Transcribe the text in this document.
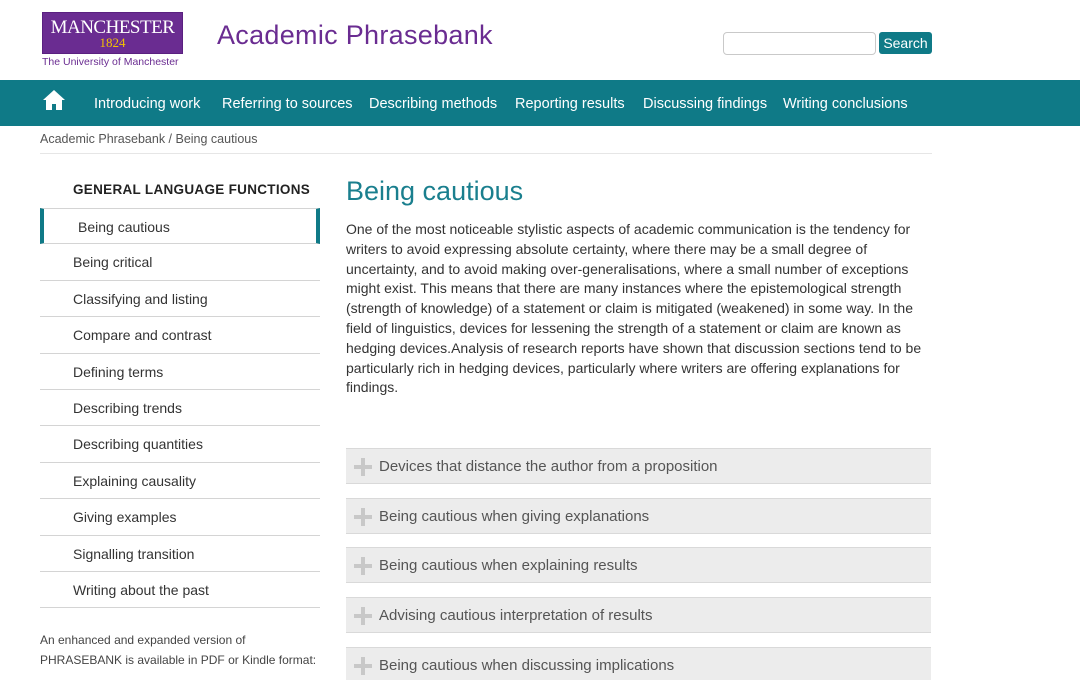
MANCHESTER
1824
The University of Manchester
Academic Phrasebank	Search
Introducing work Referring to sources Describing methods Reporting results Discussing findings Writing conclusions
Academic Phrasebank / Being cautious
GENERAL LANGUAGE FUNCTIONS
Being cautious
Being critical
Classifying and listing
Compare and contrast
Defining terms
Describing trends
Describing quantities
Explaining causality
Giving examples
Signalling transition
Writing about the past
An enhanced and expanded version of PHRASEBANK is available in PDF or Kindle format:
Being cautious

One of the most noticeable stylistic aspects of academic communication is the tendency for writers to avoid expressing absolute certainty, where there may be a small degree of uncertainty, and to avoid making over-generalisations, where a small number of exceptions might exist. This means that there are many instances where the epistemological strength (strength of knowledge) of a statement or claim is mitigated (weakened) in some way. In the field of linguistics, devices for lessening the strength of a statement or claim are known as hedging devices.Analysis of research reports have shown that discussion sections tend to be particularly rich in hedging devices, particularly where writers are offering explanations for findings.

Devices that distance the author from a proposition
Being cautious when giving explanations
Being cautious when explaining results
Advising cautious interpretation of results
Being cautious when discussing implications
